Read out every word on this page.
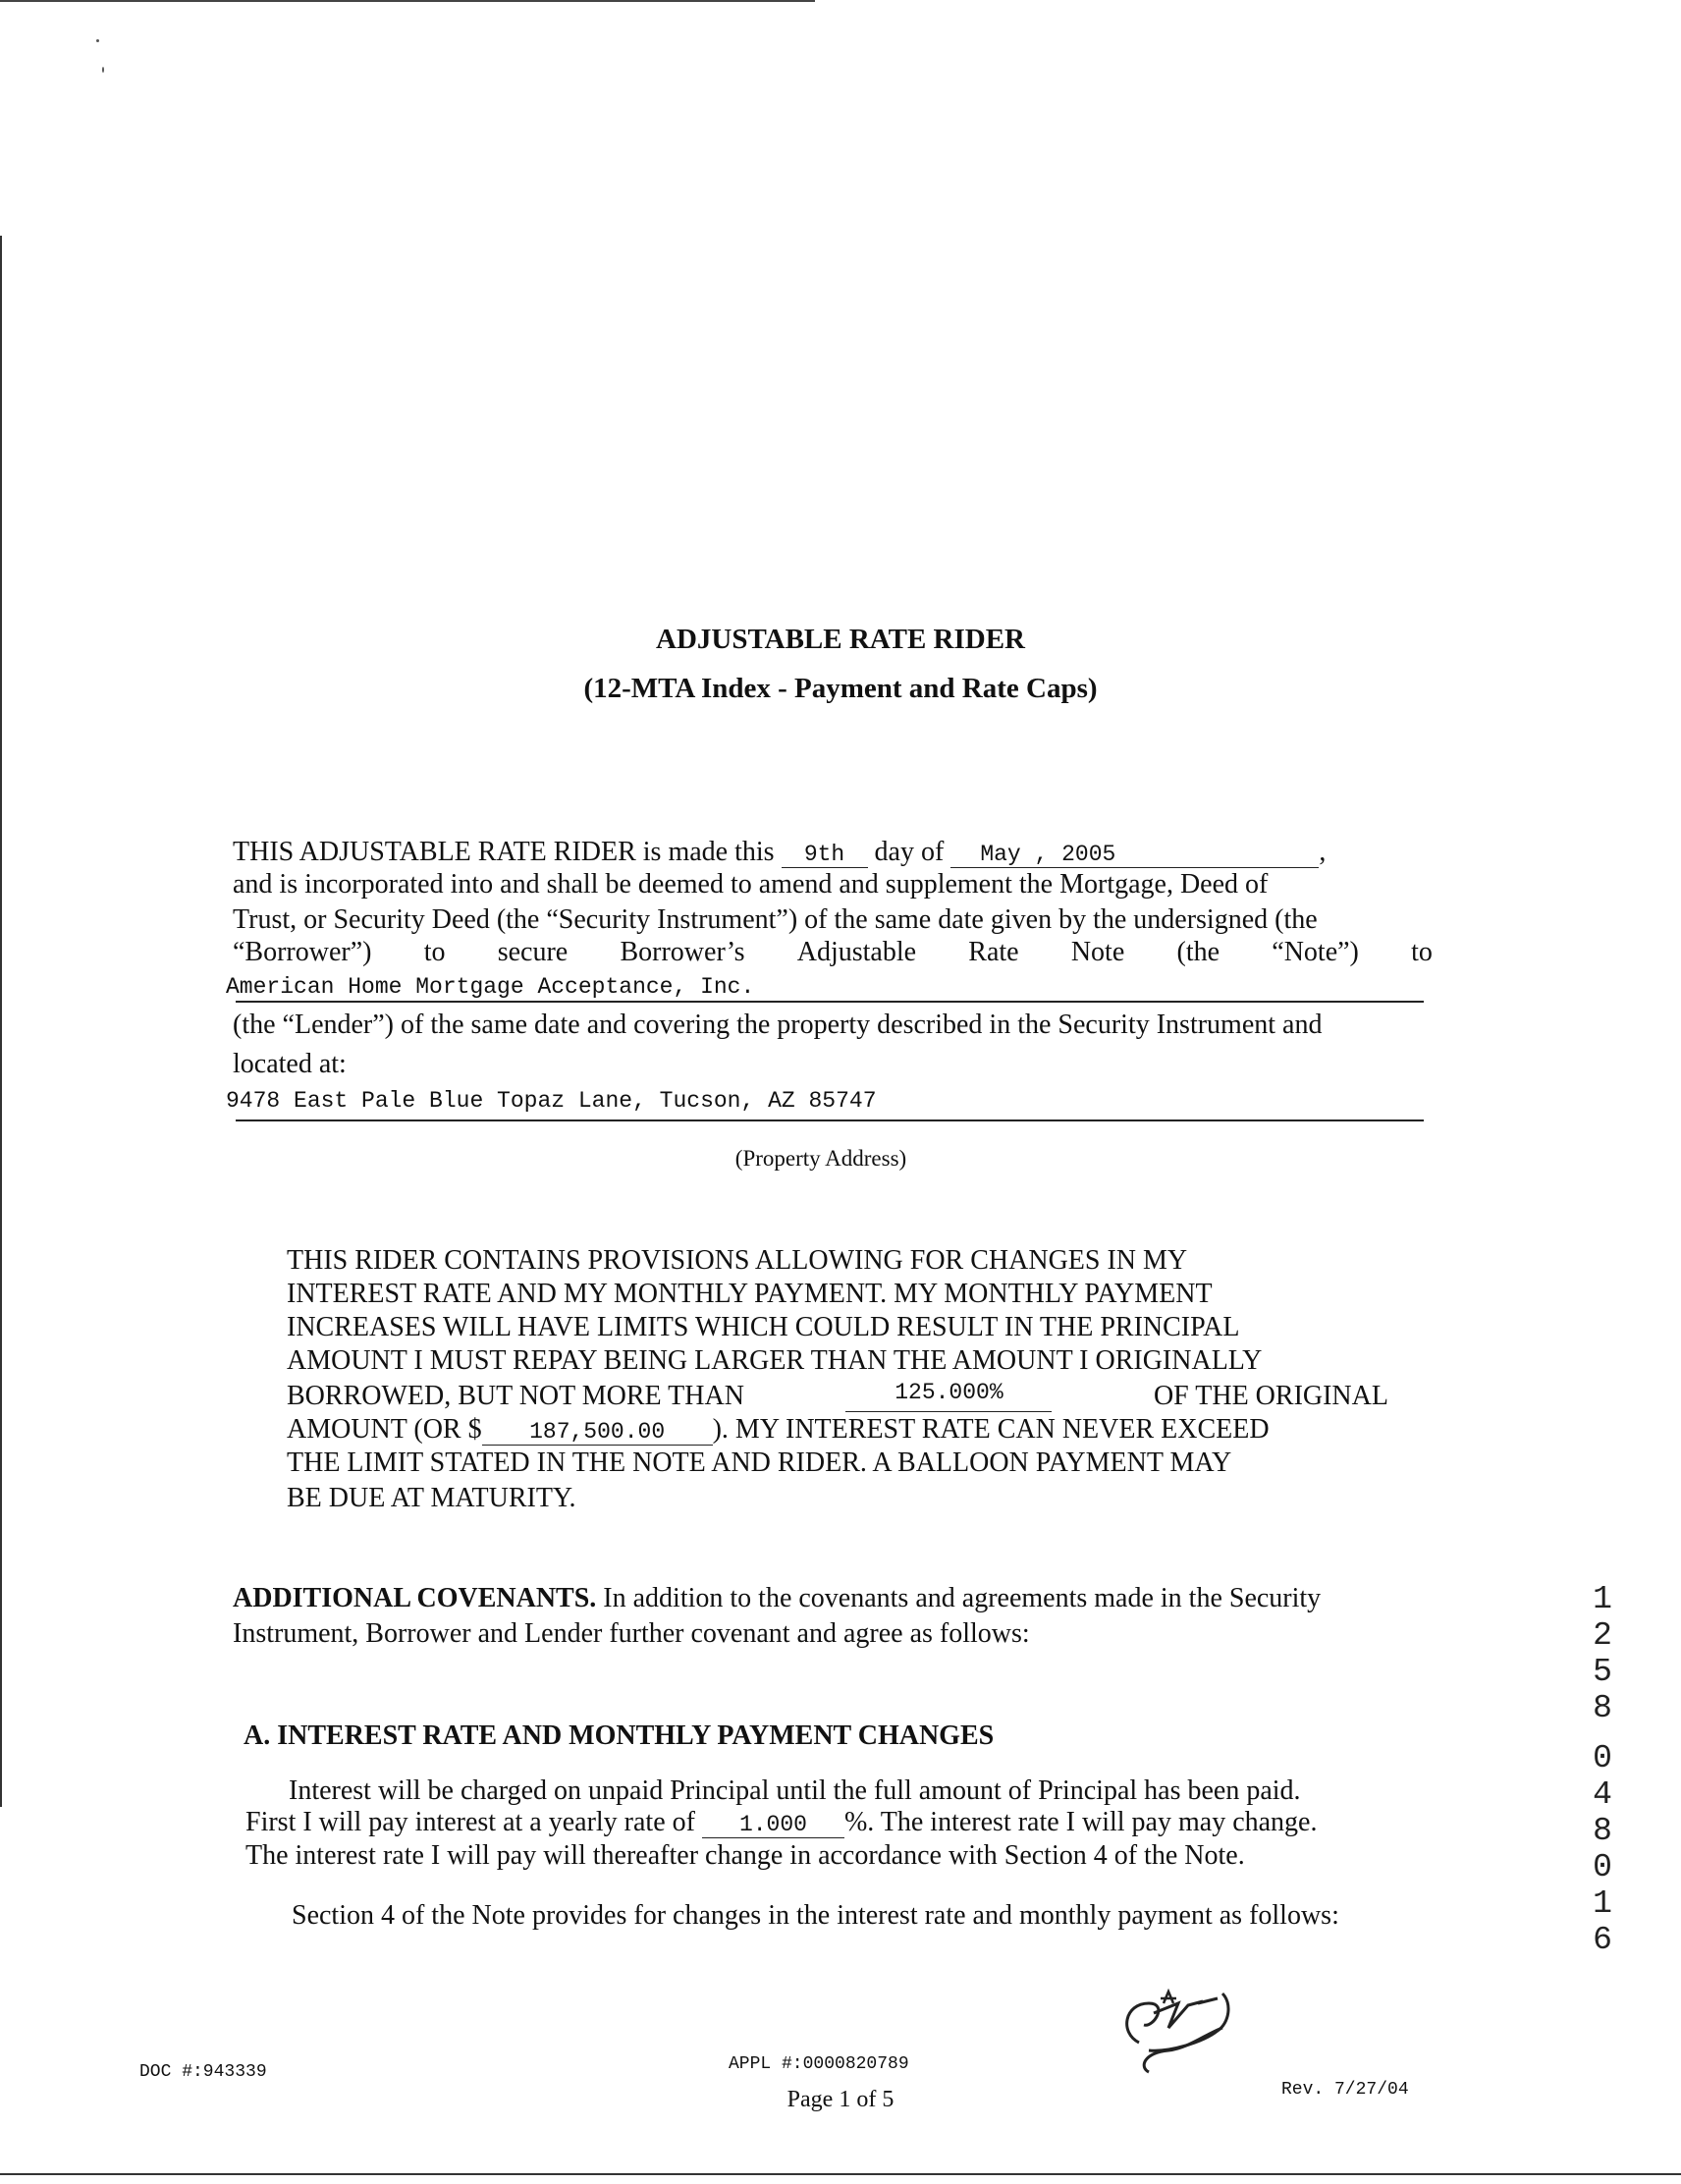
ADJUSTABLE RATE RIDER
(12-MTA Index - Payment and Rate Caps)
THIS ADJUSTABLE RATE RIDER is made this 9th day of May , 2005	,
and is incorporated into and shall be deemed to amend and supplement the Mortgage, Deed of
Trust, or Security Deed (the “Security Instrument”) of the same date given by the undersigned (the
“Borrower”) to secure Borrower’s Adjustable Rate Note (the “Note”) to
American Home Mortgage Acceptance, Inc.
(the “Lender”) of the same date and covering the property described in the Security Instrument and
located at:
9478 East Pale Blue Topaz Lane, Tucson, AZ 85747
(Property Address)
THIS RIDER CONTAINS PROVISIONS ALLOWING FOR CHANGES IN MY
INTEREST RATE AND MY MONTHLY PAYMENT. MY MONTHLY PAYMENT
INCREASES WILL HAVE LIMITS WHICH COULD RESULT IN THE PRINCIPAL
AMOUNT I MUST REPAY BEING LARGER THAN THE AMOUNT I ORIGINALLY
BORROWED, BUT NOT MORE THAN	125.000%	OF THE ORIGINAL
AMOUNT (OR $ 187,500.00 ). MY INTEREST RATE CAN NEVER EXCEED
THE LIMIT STATED IN THE NOTE AND RIDER. A BALLOON PAYMENT MAY
BE DUE AT MATURITY.
ADDITIONAL COVENANTS. In addition to the covenants and agreements made in the Security
Instrument, Borrower and Lender further covenant and agree as follows:
A. INTEREST RATE AND MONTHLY PAYMENT CHANGES
Interest will be charged on unpaid Principal until the full amount of Principal has been paid.
First I will pay interest at a yearly rate of 1.000 %. The interest rate I will pay may change.
The interest rate I will pay will thereafter change in accordance with Section 4 of the Note.
Section 4 of the Note provides for changes in the interest rate and monthly payment as follows:
1
2
5
8
0
4
8
0
1
6
DOC #:943339	APPL #:0000820789
Page 1 of 5	Rev. 7/27/04
